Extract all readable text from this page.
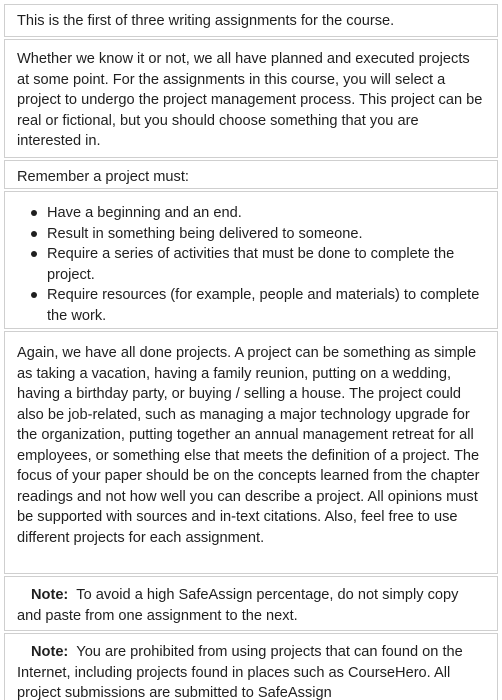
This is the first of three writing assignments for the course.

Whether we know it or not, we all have planned and executed projects at some point. For the assignments in this course, you will select a project to undergo the project management process. This project can be real or fictional, but you should choose something that you are interested in.

Remember a project must:

Have a beginning and an end.
Result in something being delivered to someone.
Require a series of activities that must be done to complete the project.
Require resources (for example, people and materials) to complete the work.

Again, we have all done projects. A project can be something as simple as taking a vacation, having a family reunion, putting on a wedding, having a birthday party, or buying / selling a house. The project could also be job-related, such as managing a major technology upgrade for the organization, putting together an annual management retreat for all employees, or something else that meets the definition of a project. The focus of your paper should be on the concepts learned from the chapter readings and not how well you can describe a project. All opinions must be supported with sources and in-text citations. Also, feel free to use different projects for each assignment.

Note: To avoid a high SafeAssign percentage, do not simply copy and paste from one assignment to the next.

Note: You are prohibited from using projects that can found on the Internet, including projects found in places such as CourseHero. All project submissions are submitted to SafeAssign
